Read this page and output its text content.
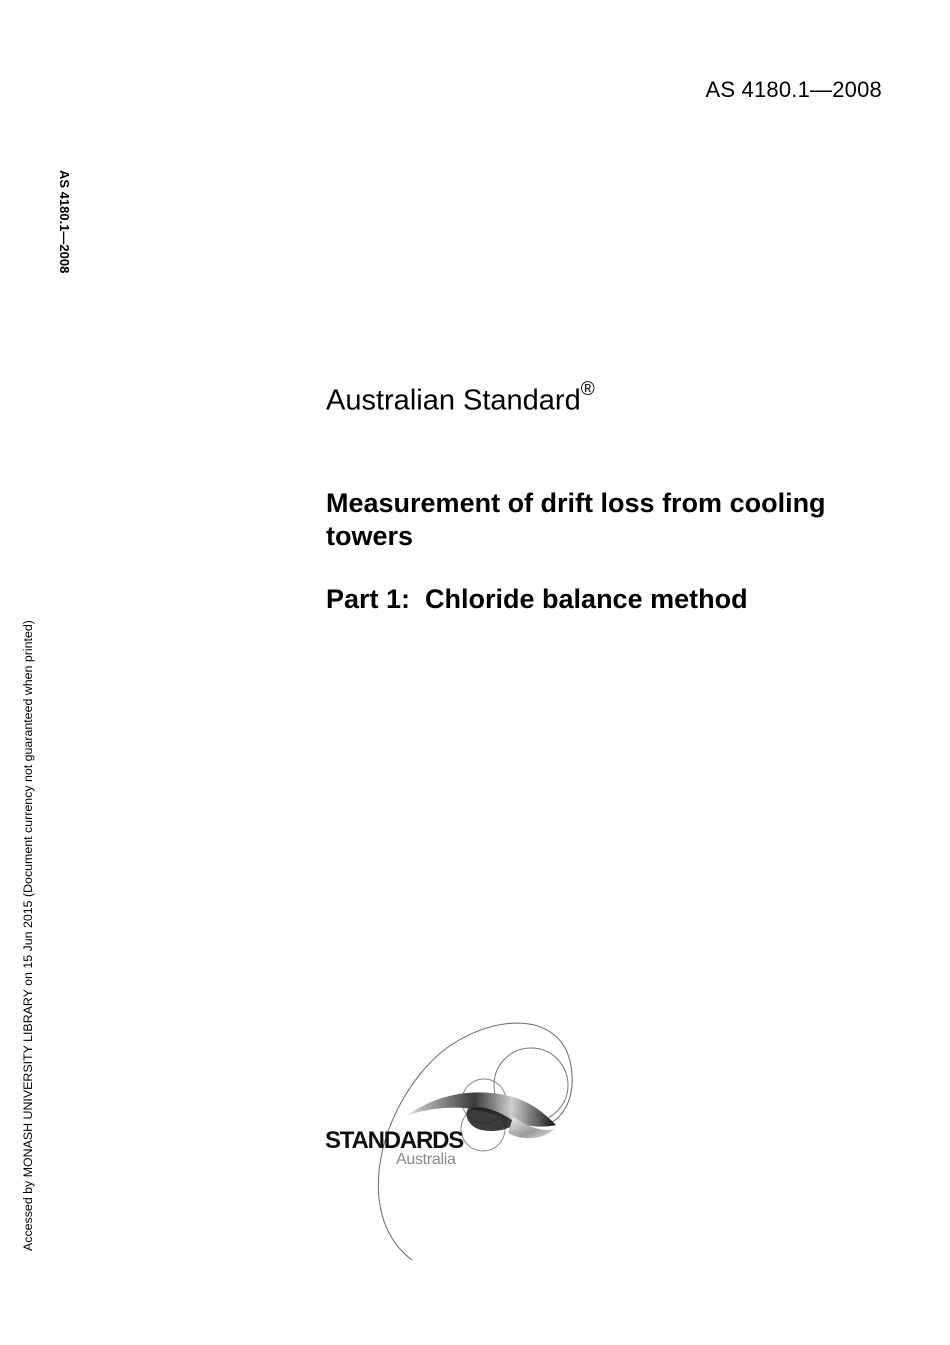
AS 4180.1—2008
AS 4180.1—2008
Accessed by MONASH UNIVERSITY LIBRARY on 15 Jun 2015 (Document currency not guaranteed when printed)
Australian Standard®
Measurement of drift loss from cooling towers
Part 1:  Chloride balance method
STANDARDS
Australia
